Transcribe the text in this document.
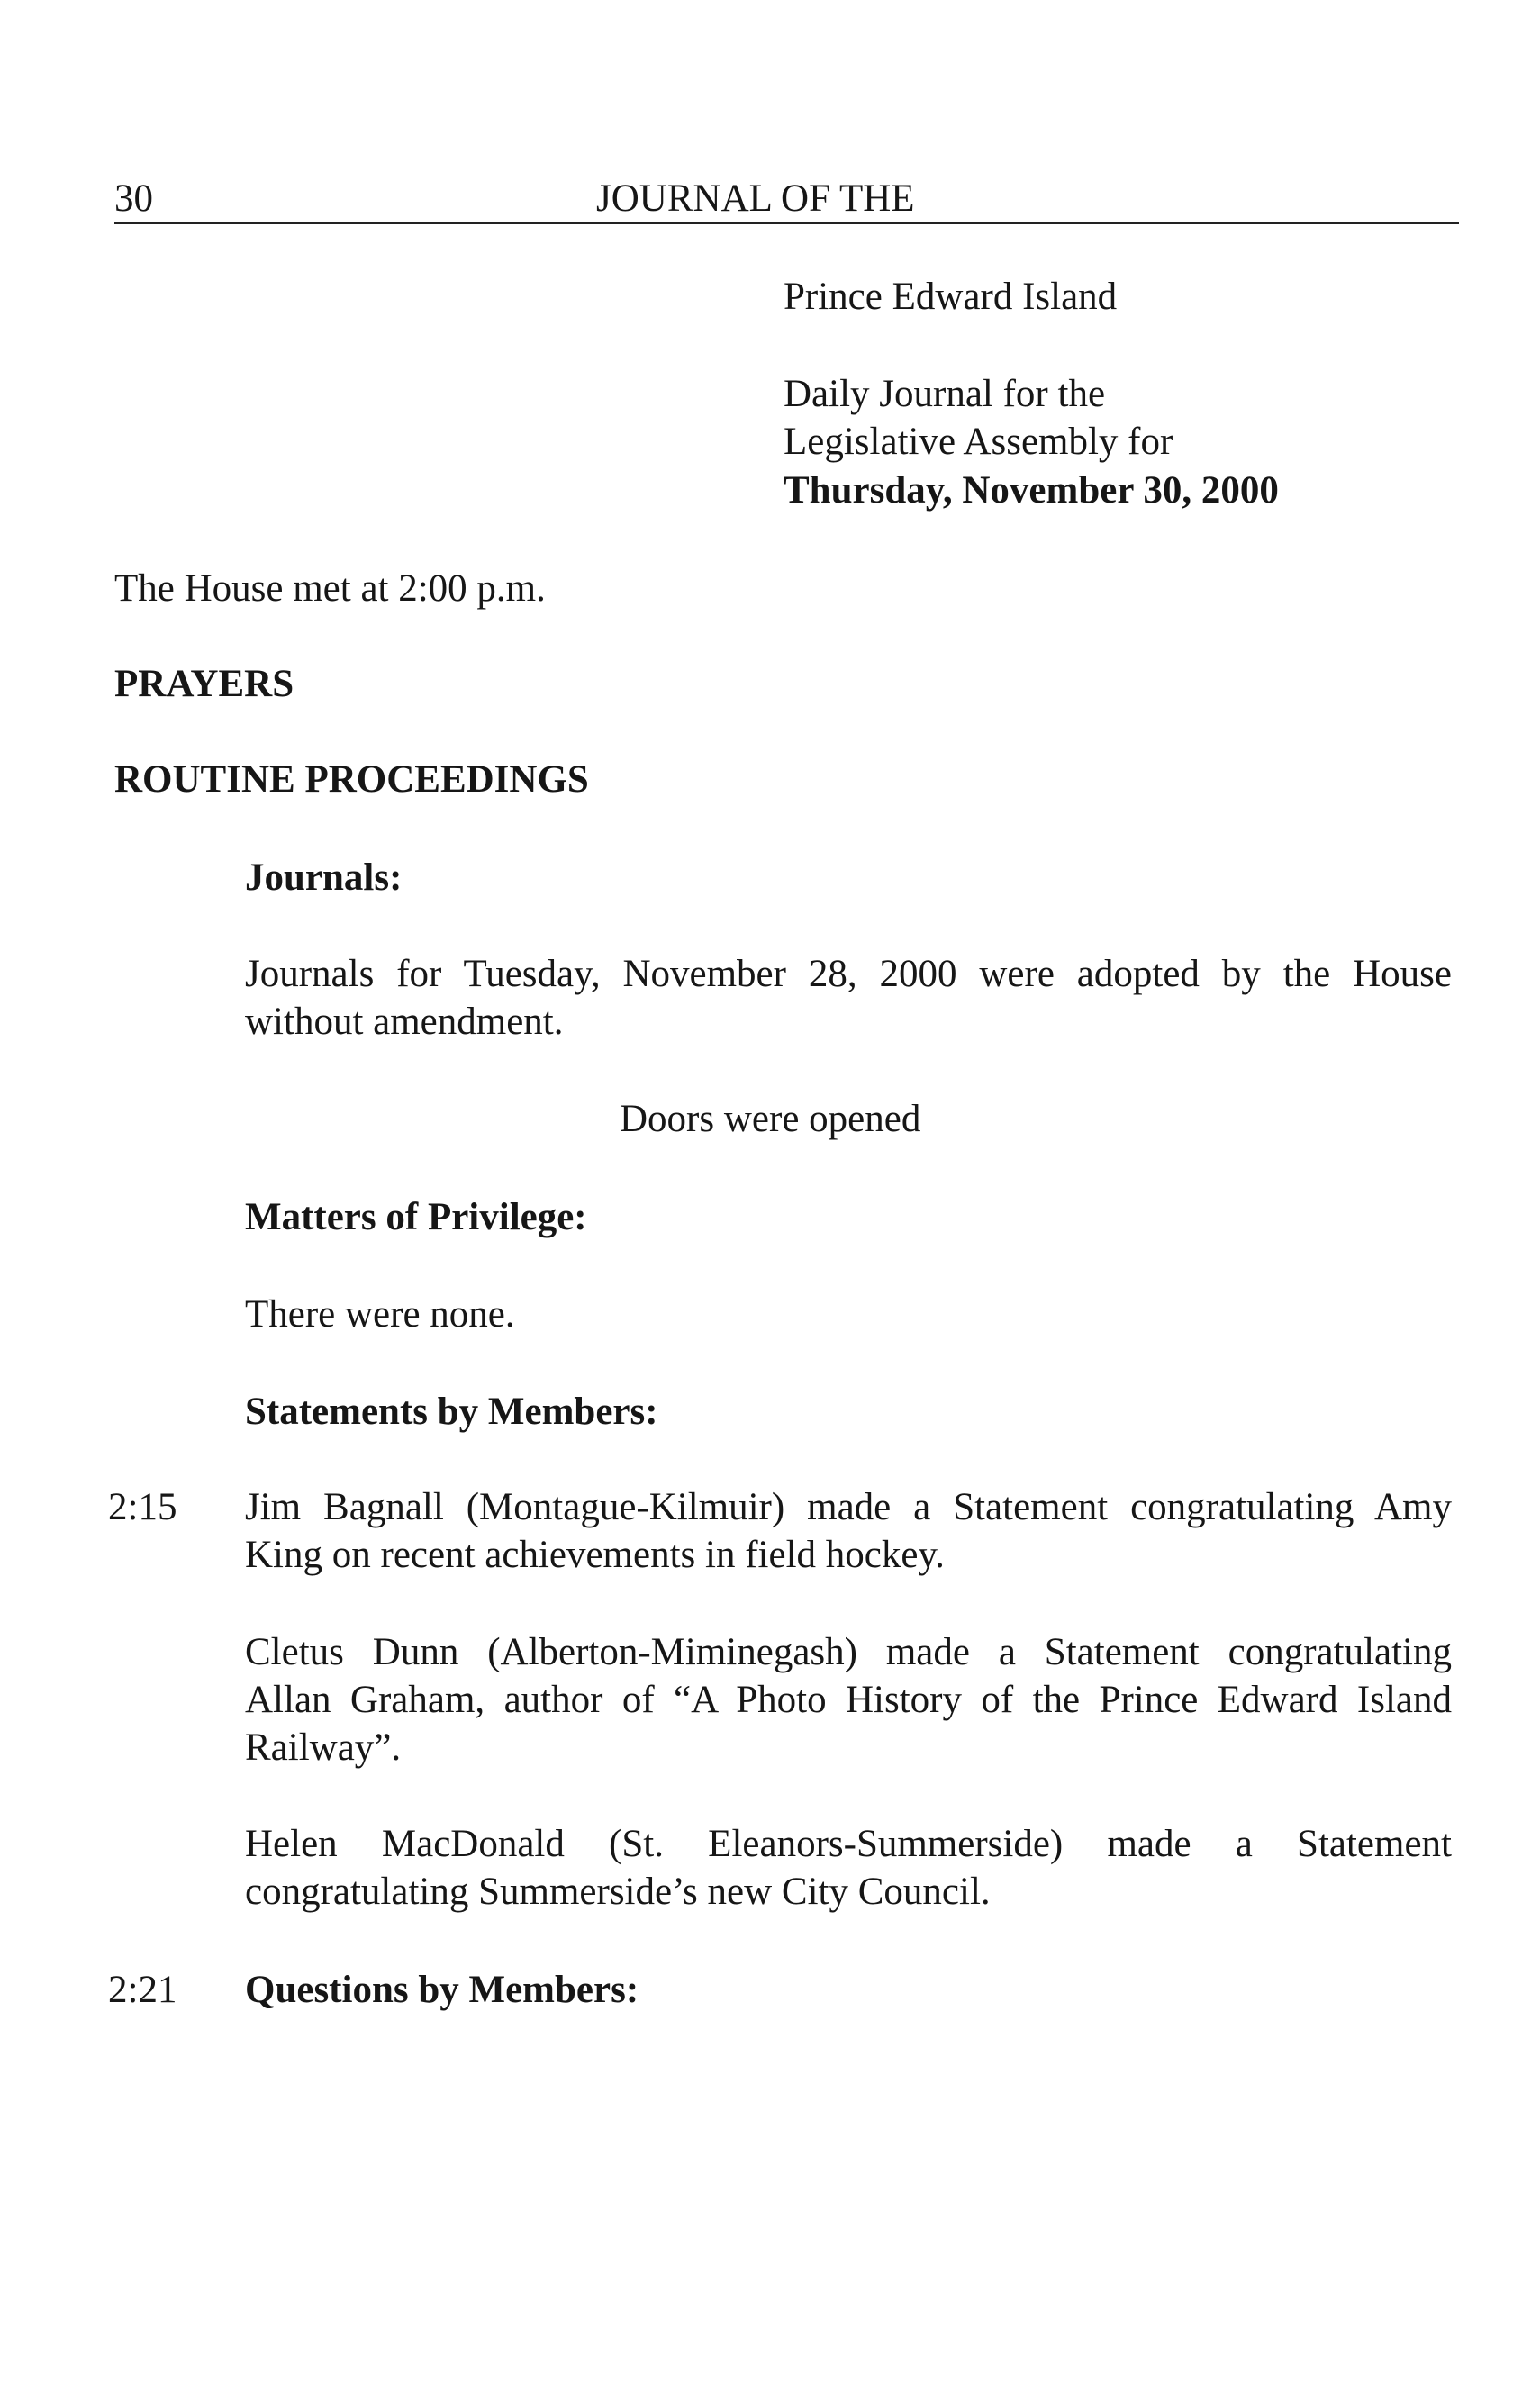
30	JOURNAL OF THE
Prince Edward Island
Daily Journal for the
Legislative Assembly for
Thursday, November 30, 2000
The House met at 2:00 p.m.
PRAYERS
ROUTINE PROCEEDINGS
Journals:
Journals for Tuesday, November 28, 2000 were adopted by the House
without amendment.
Doors were opened
Matters of Privilege:
There were none.
Statements by Members:
2:15 Jim Bagnall (Montague-Kilmuir) made a Statement congratulating Amy
King on recent achievements in field hockey.
Cletus Dunn (Alberton-Miminegash) made a Statement congratulating
Allan Graham, author of “A Photo History of the Prince Edward Island
Railway”.
Helen MacDonald (St. Eleanors-Summerside) made a Statement
congratulating Summerside’s new City Council.
2:21 Questions by Members:
